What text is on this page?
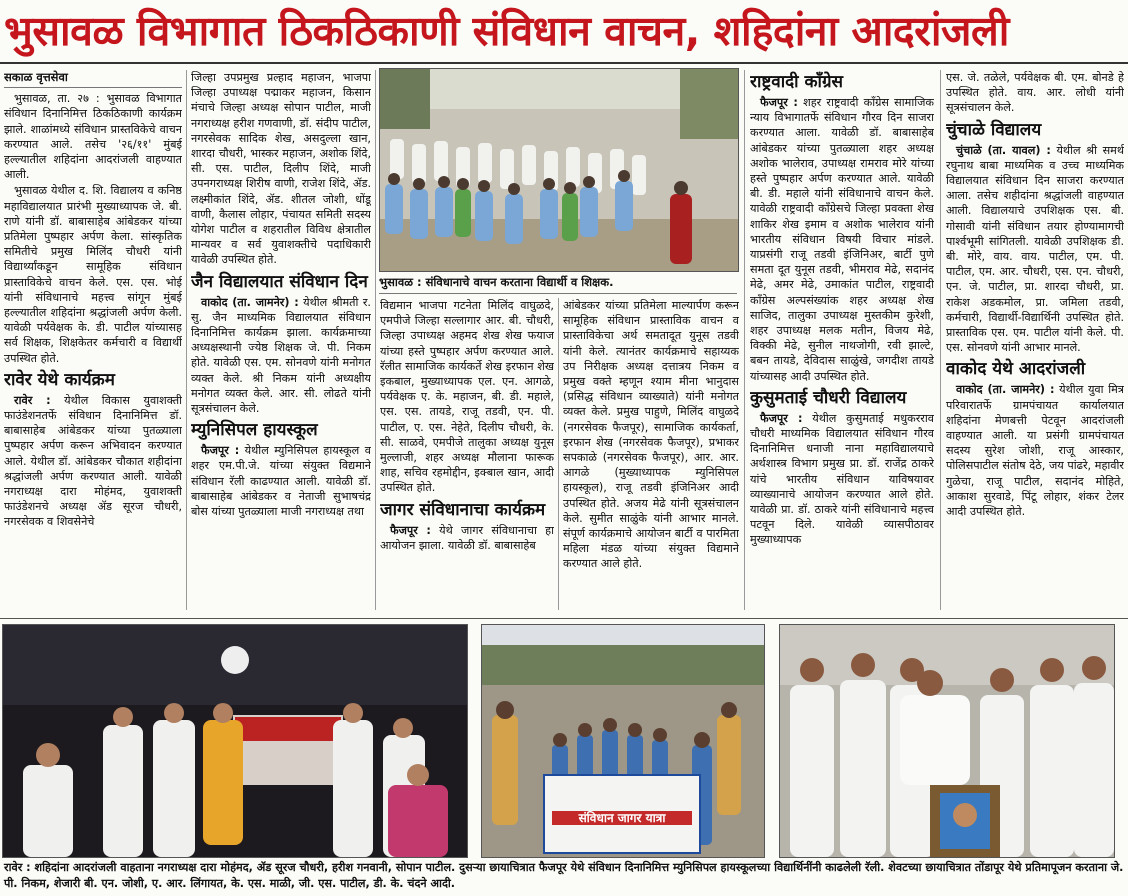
भुसावळ विभागात ठिकठिकाणी संविधान वाचन, शहिदांना आदरांजली
सकाळ वृत्तसेवा

भुसावळ, ता. २७ : भुसावळ विभागात संविधान दिनानिमित्त ठिकठिकाणी कार्यक्रम झाले. शाळांमध्ये संविधान प्रास्तविकेचे वाचन करण्यात आले. तसेच '२६/११' मुंबई हल्ल्यातील शहिदांना आदरांजली वाहण्यात आली.

भुसावळ येथील द. शि. विद्यालय व कनिष्ठ महाविद्यालयात प्रारंभी मुख्याध्यापक जे. बी. राणे यांनी डॉ. बाबासाहेब आंबेडकर यांच्या प्रतिमेला पुष्पहार अर्पण केला. सांस्कृतिक समितीचे प्रमुख मिलिंद चौधरी यांनी विद्यार्थ्यांकडून सामूहिक संविधान प्रास्ताविकेचे वाचन केले. एस. एस. भोई यांनी संविधानाचे महत्त्व सांगून मुंबई हल्ल्यातील शहिदांना श्रद्धांजली अर्पण केली. यावेळी पर्यवेक्षक के. डी. पाटील यांच्यासह सर्व शिक्षक, शिक्षकेतर कर्मचारी व विद्यार्थी उपस्थित होते.

रावेर येथे कार्यक्रम

रावेर : येथील विकास युवाशक्ती फाउंडेशनतर्फे संविधान दिनानिमित्त डॉ. बाबासाहेब आंबेडकर यांच्या पुतळ्याला पुष्पहार अर्पण करून अभिवादन करण्यात आले. येथील डॉ. आंबेडकर चौकात शहीदांना श्रद्धांजली अर्पण करण्यात आली. यावेळी नगराध्यक्ष दारा मोहंमद, युवाशक्ती फाउंडेशनचे अध्यक्ष ॲड सूरज चौधरी, नगरसेवक व शिवसेनेचे

जिल्हा उपप्रमुख प्रल्हाद महाजन, भाजपा जिल्हा उपाध्यक्ष पद्माकर महाजन, किसान मंचाचे जिल्हा अध्यक्ष सोपान पाटील, माजी नगराध्यक्ष हरीश गणवाणी, डॉ. संदीप पाटील, नगरसेवक सादिक शेख, असदुल्ला खान, शारदा चौधरी, भास्कर महाजन, अशोक शिंदे, सी. एस. पाटील, दिलीप शिंदे, माजी उपनगराध्यक्ष शिरीष वाणी, राजेश शिंदे, ॲड. लक्ष्मीकांत शिंदे, ॲड. शीतल जोशी, धोंडू वाणी, कैलास लोहार, पंचायत समिती सदस्य योगेश पाटील व शहरातील विविध क्षेत्रातील मान्यवर व सर्व युवाशक्तीचे पदाधिकारी यावेळी उपस्थित होते.

जैन विद्यालयात संविधान दिन

वाकोद (ता. जामनेर) : येथील श्रीमती र. सु. जैन माध्यमिक विद्यालयात संविधान दिनानिमित्त कार्यक्रम झाला. कार्यक्रमाच्या अध्यक्षस्थानी ज्येष्ठ शिक्षक जे. पी. निकम होते. यावेळी एस. एम. सोनवणे यांनी मनोगत व्यक्त केले. श्री निकम यांनी अध्यक्षीय मनोगत व्यक्त केले. आर. सी. लोढते यांनी सूत्रसंचालन केले.

म्युनिसिपल हायस्कूल

फैजपूर : येथील म्युनिसिपल हायस्कूल व शहर एम.पी.जे. यांच्या संयुक्त विद्यमाने संविधान रॅली काढण्यात आली. यावेळी डॉ. बाबासाहेब आंबेडकर व नेताजी सुभाषचंद्र बोस यांच्या पुतळ्याला माजी नगराध्यक्ष तथा

भुसावळ : संविधानाचे वाचन करताना विद्यार्थी व शिक्षक.

विद्यमान भाजपा गटनेता मिलिंद वाघुळदे, एमपीजे जिल्हा सल्लागार आर. बी. चौधरी, जिल्हा उपाध्यक्ष अहमद शेख शेख फयाज यांच्या हस्ते पुष्पहार अर्पण करण्यात आले. रॅलीत सामाजिक कार्यकर्ते शेख इरफान शेख इकबाल, मुख्याध्यापक एल. एन. आगळे, पर्यवेक्षक ए. के. महाजन, बी. डी. महाले, एस. एस. तायडे, राजू तडवी, एन. पी. पाटील, ए. एस. नेहेते, दिलीप चौधरी, के. सी. साळवे, एमपीजे तालुका अध्यक्ष युनूस मुल्लाजी, शहर अध्यक्ष मौलाना फारूक शाह, सचिव रहमोद्दीन, इक्बाल खान, आदी उपस्थित होते.

जागर संविधानाचा कार्यक्रम

फैजपूर : येथे जागर संविधानाचा हा आयोजन झाला. यावेळी डॉ. बाबासाहेब

आंबेडकर यांच्या प्रतिमेला माल्यार्पण करून सामूहिक संविधान प्रास्ताविक वाचन व प्रास्ताविकेचा अर्थ समतादूत युनूस तडवी यांनी केले. त्यानंतर कार्यक्रमाचे सहाय्यक उप निरीक्षक अध्यक्ष दत्तात्रय निकम व प्रमुख वक्ते म्हणून श्याम मीना भानुदास (प्रसिद्ध संविधान व्याख्याते) यांनी मनोगत व्यक्त केले. प्रमुख पाहुणे, मिलिंद वाघुळदे (नगरसेवक फैजपूर), सामाजिक कार्यकर्ता, इरफान शेख (नगरसेवक फैजपूर), प्रभाकर सपकाळे (नगरसेवक फैजपूर), आर. आर. आगळे (मुख्याध्यापक म्युनिसिपल हायस्कूल), राजू तडवी इंजिनिअर आदी उपस्थित होते. अजय मेढे यांनी सूत्रसंचालन केले. सुमीत साळुंके यांनी आभार मानले. संपूर्ण कार्यक्रमाचे आयोजन बार्टी व पारमिता महिला मंडळ यांच्या संयुक्त विद्यमाने करण्यात आले होते.

राष्ट्रवादी काँग्रेस

फैजपूर : शहर राष्ट्रवादी कॉंग्रेस सामाजिक न्याय विभागातर्फे संविधान गौरव दिन साजरा करण्यात आला. यावेळी डॉ. बाबासाहेब आंबेडकर यांच्या पुतळ्याला शहर अध्यक्ष अशोक भालेराव, उपाध्यक्ष रामराव मोरे यांच्या हस्ते पुष्पहार अर्पण करण्यात आले. यावेळी बी. डी. महाले यांनी संविधानाचे वाचन केले. यावेळी राष्ट्रवादी कॉंग्रेसचे जिल्हा प्रवक्ता शेख शाकिर शेख इमाम व अशोक भालेराव यांनी भारतीय संविधान विषयी विचार मांडले. याप्रसंगी राजू तडवी इंजिनिअर, बार्टी पुणे समता दूत युनूस तडवी, भीमराव मेढे, सदानंद मेढे, अमर मेढे, उमाकांत पाटील, राष्ट्रवादी कॉंग्रेस अल्पसंख्यांक शहर अध्यक्ष शेख साजिद, तालुका उपाध्यक्ष मुस्तकीम कुरेशी, शहर उपाध्यक्ष मलक मतीन, विजय मेढे, विक्की मेढे, सुनील नाथजोगी, रवी झाल्टे, बबन तायडे, देविदास साळुंखे, जगदीश तायडे यांच्यासह आदी उपस्थित होते.

कुसुमताई चौधरी विद्यालय

फैजपूर : येथील कुसुमताई मधुकरराव चौधरी माध्यमिक विद्यालयात संविधान गौरव दिनानिमित्त धनाजी नाना महाविद्यालयाचे अर्थशास्त्र विभाग प्रमुख प्रा. डॉ. राजेंद्र ठाकरे यांचे भारतीय संविधान याविषयावर व्याख्यानाचे आयोजन करण्यात आले होते. यावेळी प्रा. डॉ. ठाकरे यांनी संविधानाचे महत्त्व पटवून दिले. यावेळी व्यासपीठावर मुख्याध्यापक

एस. जे. तळेले, पर्यवेक्षक बी. एम. बोनडे हे उपस्थित होते. वाय. आर. लोधी यांनी सूत्रसंचालन केले.

चुंचाळे विद्यालय

चुंचाळे (ता. यावल) : येथील श्री समर्थ रघुनाथ बाबा माध्यमिक व उच्च माध्यमिक विद्यालयात संविधान दिन साजरा करण्यात आला. तसेच शहीदांना श्रद्धांजली वाहण्यात आली. विद्यालयाचे उपशिक्षक एस. बी. गोसावी यांनी संविधान तयार होण्यामागची पार्श्वभूमी सांगितली. यावेळी उपशिक्षक डी. बी. मोरे, वाय. वाय. पाटील, एम. पी. पाटील, एम. आर. चौधरी, एस. एन. चौधरी, एन. जे. पाटील, प्रा. शारदा चौधरी, प्रा. राकेश अडकमोल, प्रा. जमिला तडवी, कर्मचारी, विद्यार्थी-विद्यार्थिनी उपस्थित होते. प्रास्ताविक एस. एम. पाटील यांनी केले. पी. एस. सोनवणे यांनी आभार मानले.

वाकोद येथे आदरांजली

वाकोद (ता. जामनेर) : येथील युवा मित्र परिवारातर्फे ग्रामपंचायत कार्यालयात शहिदांना मेणबत्ती पेटवून आदरांजली वाहण्यात आली. या प्रसंगी ग्रामपंचायत सदस्य सुरेश जोशी, राजू आस्कार, पोलिसपाटील संतोष देठे, जय पांढरे, महावीर गुळेचा, राजू पाटील, सदानंद मोहिते, आकाश सुरवाडे, पिंटू लोहार, शंकर टेलर आदी उपस्थित होते.

संविधान जागर यात्रा
रावेर : शहिदांना आदरांजली वाहताना नगराध्यक्ष दारा मोहंमद, ॲड सूरज चौधरी, हरीश गनवानी, सोपान पाटील. दुसऱ्या छायाचित्रात फैजपूर येथे संविधान दिनानिमित्त म्युनिसिपल हायस्कूलच्या विद्यार्थिनींनी काढलेली रॅली. शेवटच्या छायाचित्रात तोंडापूर येथे प्रतिमापूजन करताना जे. पी. निकम, शेजारी बी. एन. जोशी, ए. आर. लिंगायत, के. एस. माळी, जी. एस. पाटील, डी. के. चंदने आदी.
